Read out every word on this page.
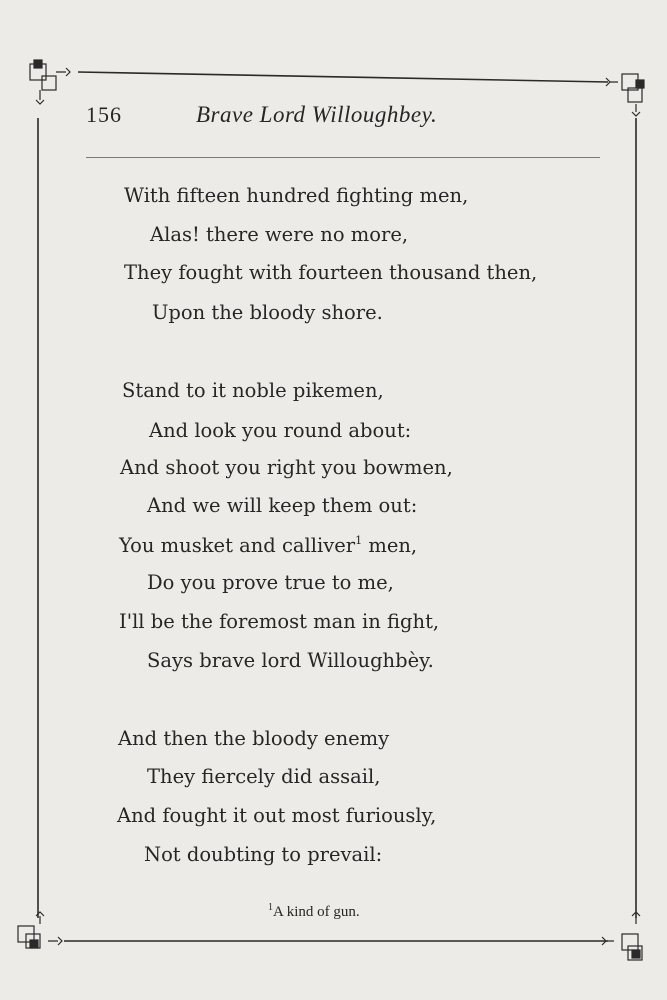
156	Brave Lord Willoughbey.
With fifteen hundred fighting men,
Alas! there were no more,
They fought with fourteen thousand then,
Upon the bloody shore.
Stand to it noble pikemen,
And look you round about:
And shoot you right you bowmen,
And we will keep them out:
You musket and calliver$^1$ men,
Do you prove true to me,
I'll be the foremost man in fight,
Says brave lord Willoughbèy.
And then the bloody enemy
They fiercely did assail,
And fought it out most furiously,
Not doubting to prevail:
$^1$A kind of gun.
